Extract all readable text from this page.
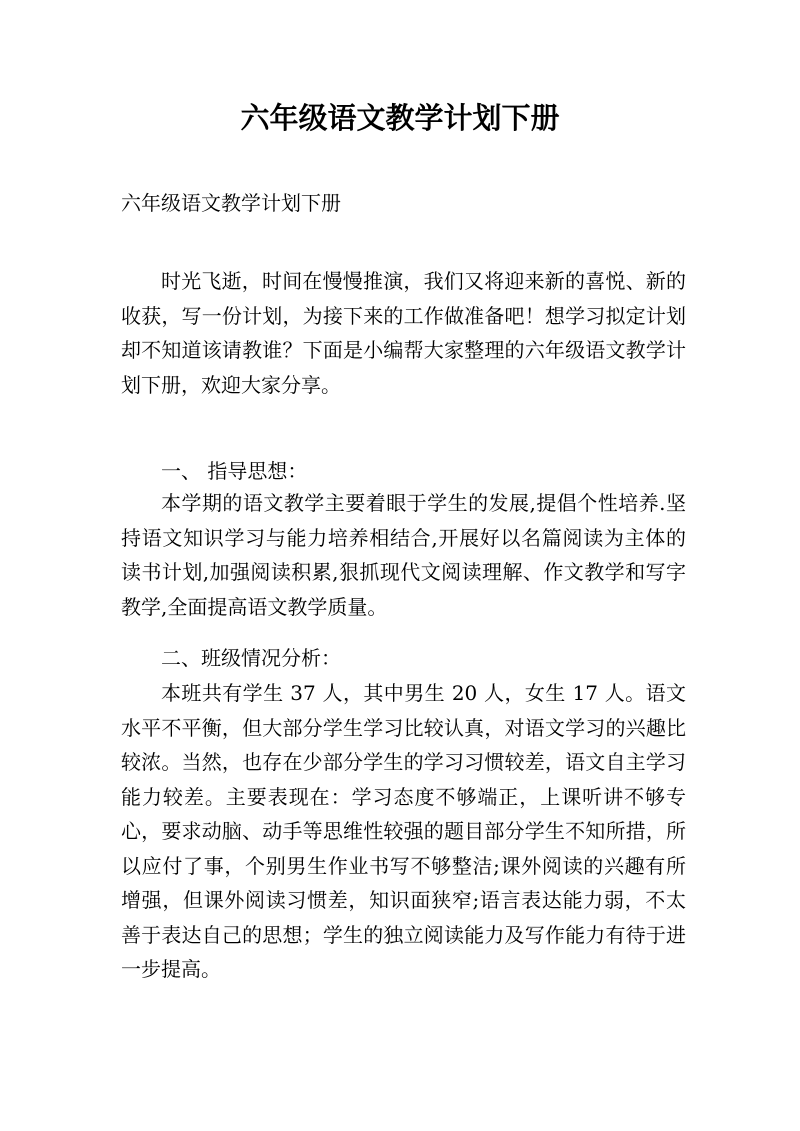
六年级语文教学计划下册

六年级语文教学计划下册

时光飞逝，时间在慢慢推演，我们又将迎来新的喜悦、新的收获，写一份计划，为接下来的工作做准备吧！想学习拟定计划却不知道该请教谁？下面是小编帮大家整理的六年级语文教学计划下册，欢迎大家分享。

一、 指导思想：

本学期的语文教学主要着眼于学生的发展,提倡个性培养.坚持语文知识学习与能力培养相结合,开展好以名篇阅读为主体的读书计划,加强阅读积累,狠抓现代文阅读理解、作文教学和写字教学,全面提高语文教学质量。

二、班级情况分析：

本班共有学生 37 人，其中男生 20 人，女生 17 人。语文水平不平衡，但大部分学生学习比较认真，对语文学习的兴趣比较浓。当然，也存在少部分学生的学习习惯较差，语文自主学习能力较差。主要表现在：学习态度不够端正，上课听讲不够专心，要求动脑、动手等思维性较强的题目部分学生不知所措，所以应付了事，个别男生作业书写不够整洁;课外阅读的兴趣有所增强，但课外阅读习惯差，知识面狭窄;语言表达能力弱，不太善于表达自己的思想；学生的独立阅读能力及写作能力有待于进一步提高。
